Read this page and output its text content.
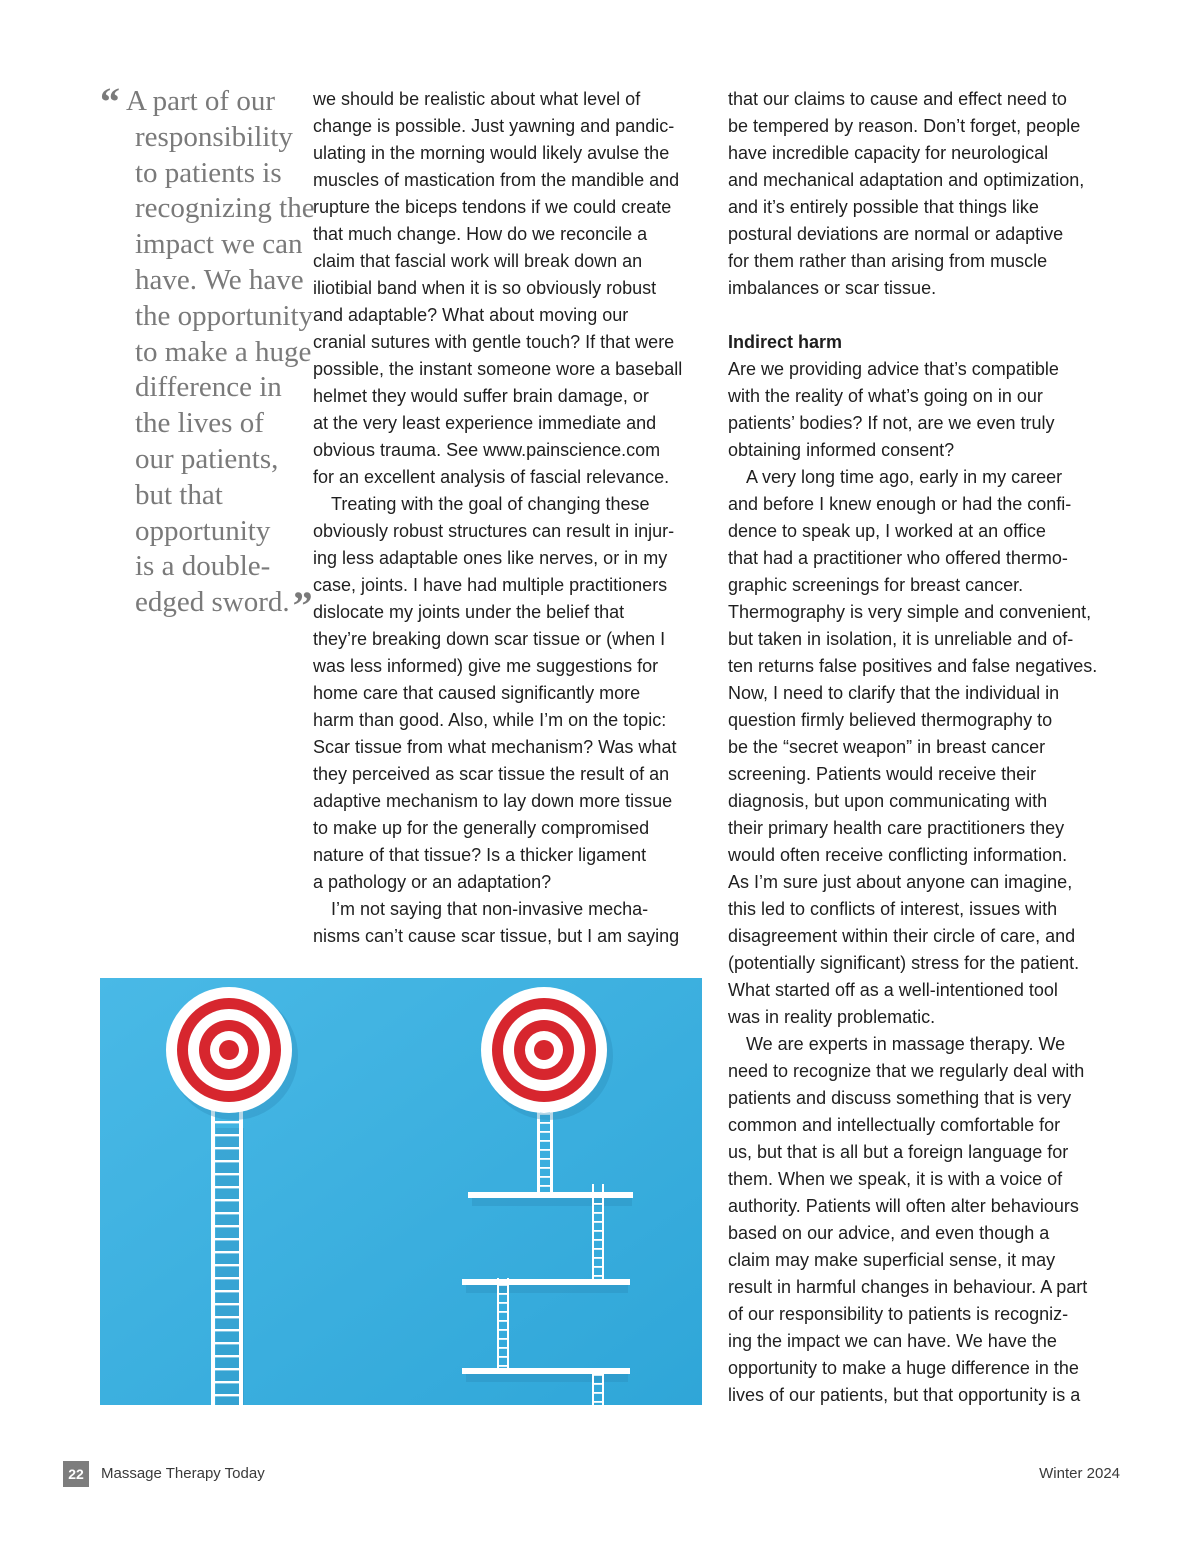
“ A part of our
responsibility
to patients is
recognizing the
impact we can
have. We have
the opportunity
to make a huge
difference in
the lives of
our patients,
but that
opportunity
is a double-
edged sword.”
we should be realistic about what level of
change is possible. Just yawning and pandic-
ulating in the morning would likely avulse the
muscles of mastication from the mandible and
rupture the biceps tendons if we could create
that much change. How do we reconcile a
claim that fascial work will break down an
iliotibial band when it is so obviously robust
and adaptable? What about moving our
cranial sutures with gentle touch? If that were
possible, the instant someone wore a baseball
helmet they would suffer brain damage, or
at the very least experience immediate and
obvious trauma. See www.painscience.com
for an excellent analysis of fascial relevance.
Treating with the goal of changing these
obviously robust structures can result in injur-
ing less adaptable ones like nerves, or in my
case, joints. I have had multiple practitioners
dislocate my joints under the belief that
they’re breaking down scar tissue or (when I
was less informed) give me suggestions for
home care that caused significantly more
harm than good. Also, while I’m on the topic:
Scar tissue from what mechanism? Was what
they perceived as scar tissue the result of an
adaptive mechanism to lay down more tissue
to make up for the generally compromised
nature of that tissue? Is a thicker ligament
a pathology or an adaptation?
I’m not saying that non-invasive mecha-
nisms can’t cause scar tissue, but I am saying
that our claims to cause and effect need to
be tempered by reason. Don’t forget, people
have incredible capacity for neurological
and mechanical adaptation and optimization,
and it’s entirely possible that things like
postural deviations are normal or adaptive
for them rather than arising from muscle
imbalances or scar tissue.
Indirect harm
Are we providing advice that’s compatible
with the reality of what’s going on in our
patients’ bodies? If not, are we even truly
obtaining informed consent?
A very long time ago, early in my career
and before I knew enough or had the confi-
dence to speak up, I worked at an office
that had a practitioner who offered thermo-
graphic screenings for breast cancer.
Thermography is very simple and convenient,
but taken in isolation, it is unreliable and of-
ten returns false positives and false negatives.
Now, I need to clarify that the individual in
question firmly believed thermography to
be the “secret weapon” in breast cancer
screening. Patients would receive their
diagnosis, but upon communicating with
their primary health care practitioners they
would often receive conflicting information.
As I’m sure just about anyone can imagine,
this led to conflicts of interest, issues with
disagreement within their circle of care, and
(potentially significant) stress for the patient.
What started off as a well-intentioned tool
was in reality problematic.
We are experts in massage therapy. We
need to recognize that we regularly deal with
patients and discuss something that is very
common and intellectually comfortable for
us, but that is all but a foreign language for
them. When we speak, it is with a voice of
authority. Patients will often alter behaviours
based on our advice, and even though a
claim may make superficial sense, it may
result in harmful changes in behaviour. A part
of our responsibility to patients is recogniz-
ing the impact we can have. We have the
opportunity to make a huge difference in the
lives of our patients, but that opportunity is a
22	Massage Therapy Today	Winter 2024
